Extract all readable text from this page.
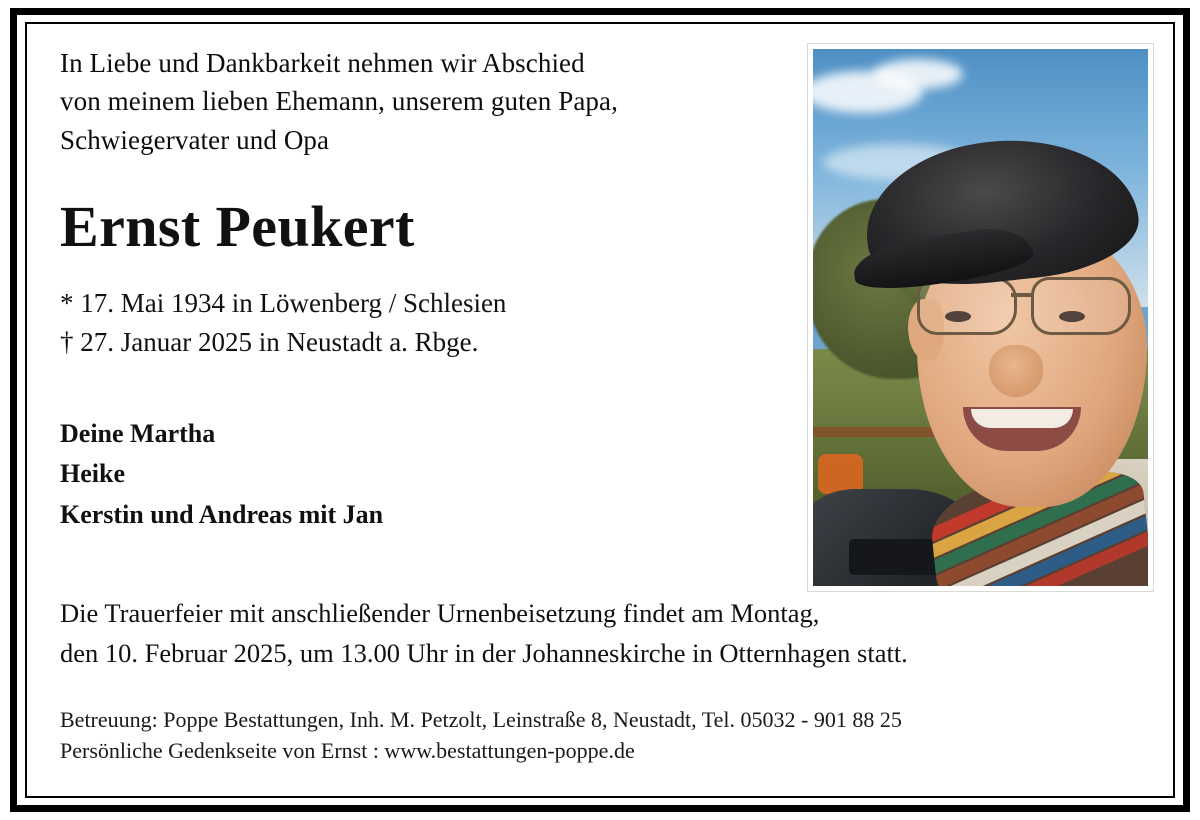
In Liebe und Dankbarkeit nehmen wir Abschied
von meinem lieben Ehemann, unserem guten Papa,
Schwiegervater und Opa
Ernst Peukert
* 17. Mai 1934 in Löwenberg / Schlesien
† 27. Januar 2025 in Neustadt a. Rbge.
Deine Martha
Heike
Kerstin und Andreas mit Jan
Die Trauerfeier mit anschließender Urnenbeisetzung findet am Montag,
den 10. Februar 2025, um 13.00 Uhr in der Johanneskirche in Otternhagen statt.
Betreuung: Poppe Bestattungen, Inh. M. Petzolt, Leinstraße 8, Neustadt, Tel. 05032 - 901 88 25
Persönliche Gedenkseite von Ernst : www.bestattungen-poppe.de
